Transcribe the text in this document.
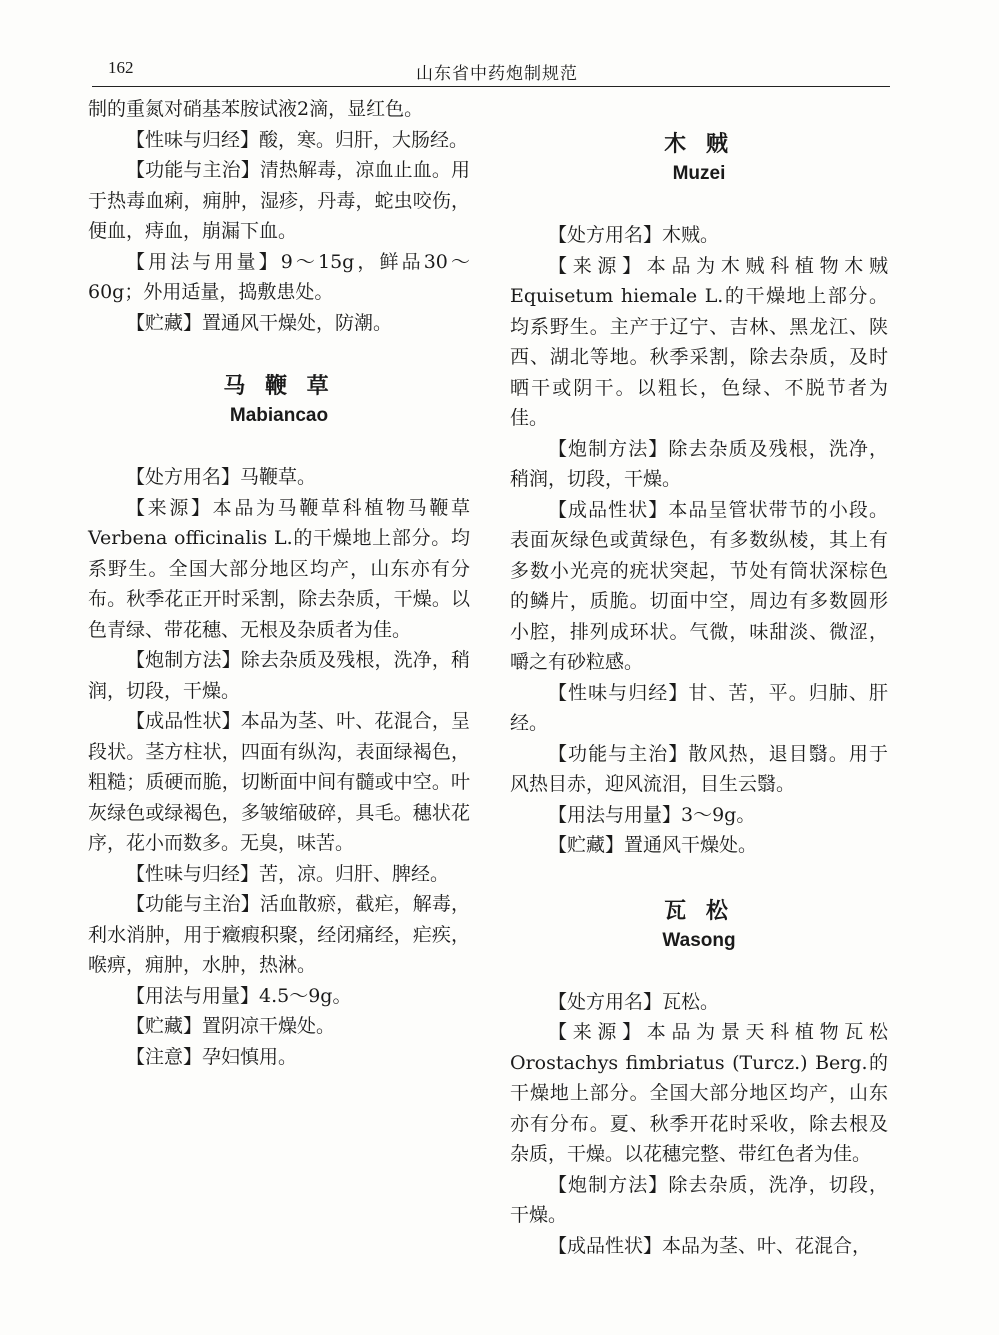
162	山东省中药炮制规范

制的重氮对硝基苯胺试液2滴，显红色。

【性味与归经】酸，寒。归肝，大肠经。

【功能与主治】清热解毒，凉血止血。用于热毒血痢，痈肿，湿疹，丹毒，蛇虫咬伤，便血，痔血，崩漏下血。

【用法与用量】9～15g，鲜品30～60g；外用适量，捣敷患处。

【贮藏】置通风干燥处，防潮。

马 鞭 草
Mabiancao

【处方用名】马鞭草。

【来源】本品为马鞭草科植物马鞭草Verbena officinalis L.的干燥地上部分。均系野生。全国大部分地区均产，山东亦有分布。秋季花正开时采割，除去杂质，干燥。以色青绿、带花穗、无根及杂质者为佳。

【炮制方法】除去杂质及残根，洗净，稍润，切段，干燥。

【成品性状】本品为茎、叶、花混合，呈段状。茎方柱状，四面有纵沟，表面绿褐色，粗糙；质硬而脆，切断面中间有髓或中空。叶灰绿色或绿褐色，多皱缩破碎，具毛。穗状花序，花小而数多。无臭，味苦。

【性味与归经】苦，凉。归肝、脾经。

【功能与主治】活血散瘀，截疟，解毒，利水消肿，用于癥瘕积聚，经闭痛经，疟疾，喉痹，痈肿，水肿，热淋。

【用法与用量】4.5～9g。

【贮藏】置阴凉干燥处。

【注意】孕妇慎用。

木 贼
Muzei

【处方用名】木贼。

【来源】本品为木贼科植物木贼Equisetum hiemale L.的干燥地上部分。均系野生。主产于辽宁、吉林、黑龙江、陕西、湖北等地。秋季采割，除去杂质，及时晒干或阴干。以粗长，色绿、不脱节者为佳。

【炮制方法】除去杂质及残根，洗净，稍润，切段，干燥。

【成品性状】本品呈管状带节的小段。表面灰绿色或黄绿色，有多数纵棱，其上有多数小光亮的疣状突起，节处有筒状深棕色的鳞片，质脆。切面中空，周边有多数圆形小腔，排列成环状。气微，味甜淡、微涩，嚼之有砂粒感。

【性味与归经】甘、苦，平。归肺、肝经。

【功能与主治】散风热，退目翳。用于风热目赤，迎风流泪，目生云翳。

【用法与用量】3～9g。

【贮藏】置通风干燥处。

瓦 松
Wasong

【处方用名】瓦松。

【来源】本品为景天科植物瓦松Orostachys fimbriatus (Turcz.) Berg.的干燥地上部分。全国大部分地区均产，山东亦有分布。夏、秋季开花时采收，除去根及杂质，干燥。以花穗完整、带红色者为佳。

【炮制方法】除去杂质，洗净，切段，干燥。

【成品性状】本品为茎、叶、花混合，
